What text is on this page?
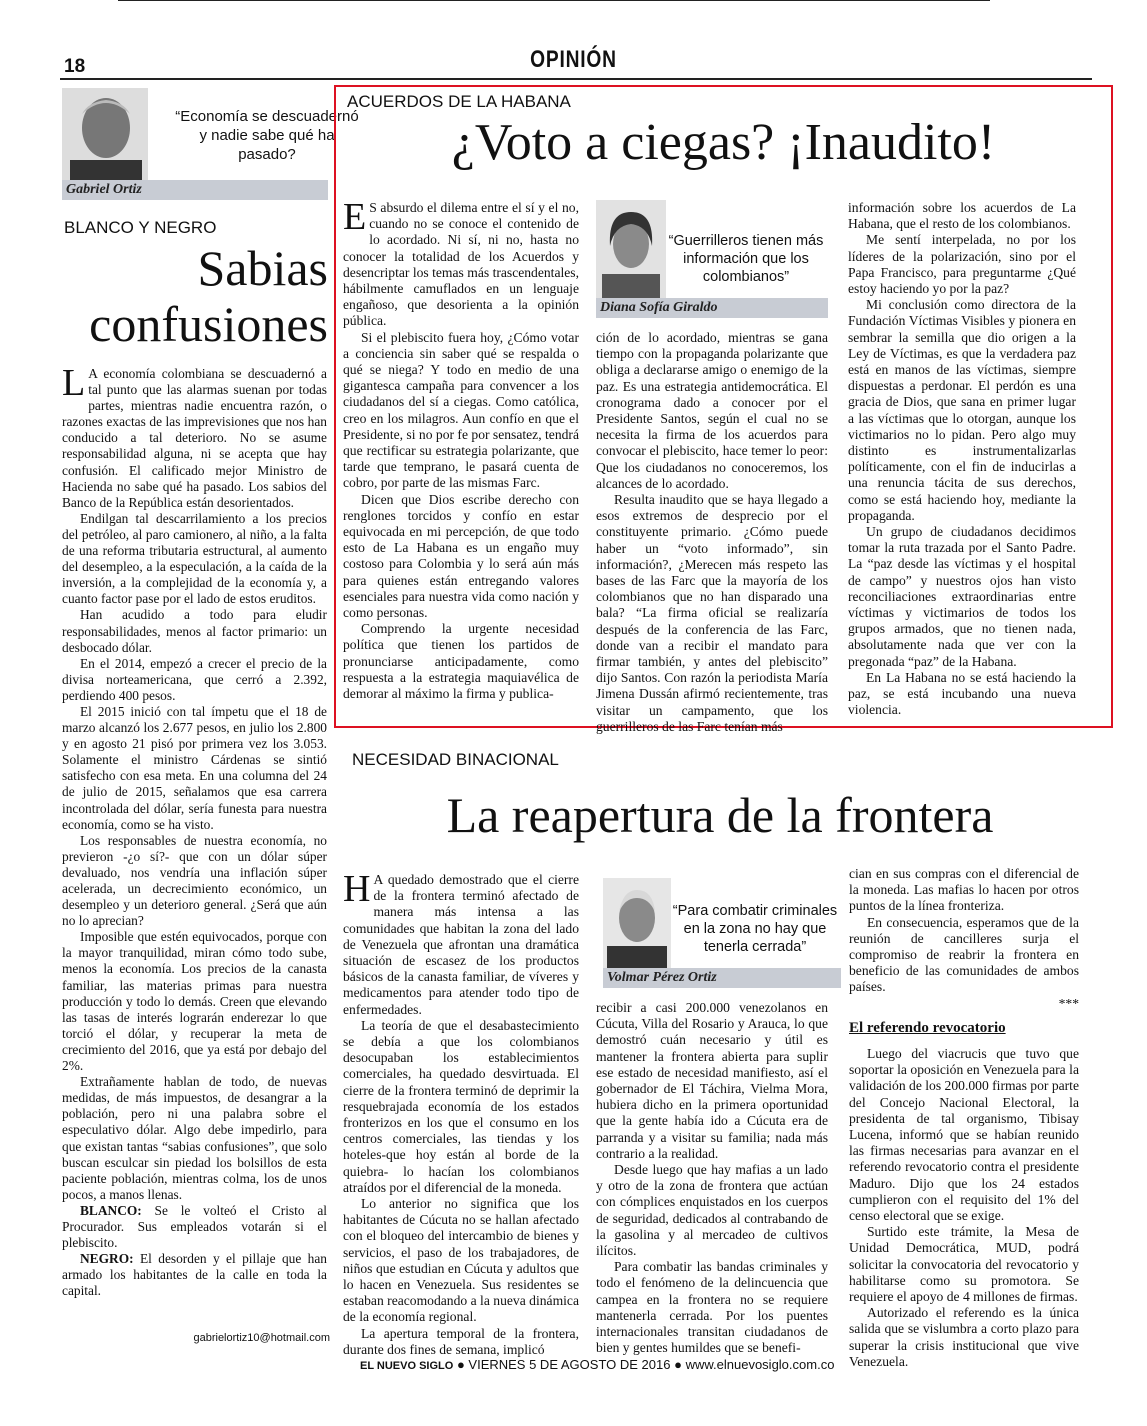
18	OPINIÓN
“Economía se descuadernó y nadie sabe qué ha pasado?
Gabriel Ortiz
BLANCO Y NEGRO
Sabias
confusiones

L A economía colombiana se descuadernó a tal punto que las alarmas suenan por todas partes, mientras nadie encuentra razón, o razones exactas de las imprevisiones que nos han conducido a tal deterioro. No se asume responsabilidad alguna, ni se acepta que hay confusión. El calificado mejor Ministro de Hacienda no sabe qué ha pasado. Los sabios del Banco de la República están desorientados.

Endilgan tal descarrilamiento a los precios del petróleo, al paro camionero, al niño, a la falta de una reforma tributaria estructural, al aumento del desempleo, a la especulación, a la caída de la inversión, a la complejidad de la economía y, a cuanto factor pase por el lado de estos eruditos.

Han acudido a todo para eludir responsabilidades, menos al factor primario: un desbocado dólar.

En el 2014, empezó a crecer el precio de la divisa norteamericana, que cerró a 2.392, perdiendo 400 pesos.

El 2015 inició con tal ímpetu que el 18 de marzo alcanzó los 2.677 pesos, en julio los 2.800 y en agosto 21 pisó por primera vez los 3.053. Solamente el ministro Cárdenas se sintió satisfecho con esa meta. En una columna del 24 de julio de 2015, señalamos que esa carrera incontrolada del dólar, sería funesta para nuestra economía, como se ha visto.

Los responsables de nuestra economía, no previeron -¿o sí?- que con un dólar súper devaluado, nos vendría una inflación súper acelerada, un decrecimiento económico, un desempleo y un deterioro general. ¿Será que aún no lo aprecian?

Imposible que estén equivocados, porque con la mayor tranquilidad, miran cómo todo sube, menos la economía. Los precios de la canasta familiar, las materias primas para nuestra producción y todo lo demás. Creen que elevando las tasas de interés lograrán enderezar lo que torció el dólar, y recuperar la meta de crecimiento del 2016, que ya está por debajo del 2%.

Extrañamente hablan de todo, de nuevas medidas, de más impuestos, de desangrar a la población, pero ni una palabra sobre el especulativo dólar. Algo debe impedirlo, para que existan tantas “sabias confusiones”, que solo buscan esculcar sin piedad los bolsillos de esta paciente población, mientras colma, los de unos pocos, a manos llenas.

BLANCO: Se le volteó el Cristo al Procurador. Sus empleados votarán si el plebiscito.

NEGRO: El desorden y el pillaje que han armado los habitantes de la calle en toda la capital.

gabrielortiz10@hotmail.com
ACUERDOS DE LA HABANA
¿Voto a ciegas? ¡Inaudito!

E S absurdo el dilema entre el sí y el no, cuando no se conoce el contenido de lo acordado. Ni sí, ni no, hasta no conocer la totalidad de los Acuerdos y desencriptar los temas más trascendentales, hábilmente camuflados en un lenguaje engañoso, que desorienta a la opinión pública.

Si el plebiscito fuera hoy, ¿Cómo votar a conciencia sin saber qué se respalda o qué se niega? Y todo en medio de una gigantesca campaña para convencer a los ciudadanos del sí a ciegas. Como católica, creo en los milagros. Aun confío en que el Presidente, si no por fe por sensatez, tendrá que rectificar su estrategia polarizante, que tarde que temprano, le pasará cuenta de cobro, por parte de las mismas Farc.

Dicen que Dios escribe derecho con renglones torcidos y confío en estar equivocada en mi percepción, de que todo esto de La Habana es un engaño muy costoso para Colombia y lo será aún más para quienes están entregando valores esenciales para nuestra vida como nación y como personas.

Comprendo la urgente necesidad política que tienen los partidos de pronunciarse anticipadamente, como respuesta a la estrategia maquiavélica de demorar al máximo la firma y publica-

“Guerrilleros tienen más información que los colombianos”
Diana Sofía Giraldo

ción de lo acordado, mientras se gana tiempo con la propaganda polarizante que obliga a declararse amigo o enemigo de la paz. Es una estrategia antidemocrática. El cronograma dado a conocer por el Presidente Santos, según el cual no se necesita la firma de los acuerdos para convocar el plebiscito, hace temer lo peor: Que los ciudadanos no conoceremos, los alcances de lo acordado.

Resulta inaudito que se haya llegado a esos extremos de desprecio por el constituyente primario. ¿Cómo puede haber un “voto informado”, sin información?, ¿Merecen más respeto las bases de las Farc que la mayoría de los colombianos que no han disparado una bala? “La firma oficial se realizaría después de la conferencia de las Farc, donde van a recibir el mandato para firmar también, y antes del plebiscito” dijo Santos. Con razón la periodista María Jimena Dussán afirmó recientemente, tras visitar un campamento, que los guerrilleros de las Farc tenían más

información sobre los acuerdos de La Habana, que el resto de los colombianos.

Me sentí interpelada, no por los líderes de la polarización, sino por el Papa Francisco, para preguntarme ¿Qué estoy haciendo yo por la paz?

Mi conclusión como directora de la Fundación Víctimas Visibles y pionera en sembrar la semilla que dio origen a la Ley de Víctimas, es que la verdadera paz está en manos de las víctimas, siempre dispuestas a perdonar. El perdón es una gracia de Dios, que sana en primer lugar a las víctimas que lo otorgan, aunque los victimarios no lo pidan. Pero algo muy distinto es instrumentalizarlas políticamente, con el fin de inducirlas a una renuncia tácita de sus derechos, como se está haciendo hoy, mediante la propaganda.

Un grupo de ciudadanos decidimos tomar la ruta trazada por el Santo Padre. La “paz desde las víctimas y el hospital de campo” y nuestros ojos han visto reconciliaciones extraordinarias entre víctimas y victimarios de todos los grupos armados, que no tienen nada, absolutamente nada que ver con la pregonada “paz” de la Habana.

En La Habana no se está haciendo la paz, se está incubando una nueva violencia.

NECESIDAD BINACIONAL
La reapertura de la frontera

H A quedado demostrado que el cierre de la frontera terminó afectado de manera más intensa a las comunidades que habitan la zona del lado de Venezuela que afrontan una dramática situación de escasez de los productos básicos de la canasta familiar, de víveres y medicamentos para atender todo tipo de enfermedades.

La teoría de que el desabastecimiento se debía a que los colombianos desocupaban los establecimientos comerciales, ha quedado desvirtuada. El cierre de la frontera terminó de deprimir la resquebrajada economía de los estados fronterizos en los que el consumo en los centros comerciales, las tiendas y los hoteles-que hoy están al borde de la quiebra- lo hacían los colombianos atraídos por el diferencial de la moneda.

Lo anterior no significa que los habitantes de Cúcuta no se hallan afectado con el bloqueo del intercambio de bienes y servicios, el paso de los trabajadores, de niños que estudian en Cúcuta y adultos que lo hacen en Venezuela. Sus residentes se estaban reacomodando a la nueva dinámica de la economía regional.

La apertura temporal de la frontera, durante dos fines de semana, implicó

“Para combatir criminales en la zona no hay que tenerla cerrada”
Volmar Pérez Ortiz

recibir a casi 200.000 venezolanos en Cúcuta, Villa del Rosario y Arauca, lo que demostró cuán necesario y útil es mantener la frontera abierta para suplir ese estado de necesidad manifiesto, así el gobernador de El Táchira, Vielma Mora, hubiera dicho en la primera oportunidad que la gente había ido a Cúcuta era de parranda y a visitar su familia; nada más contrario a la realidad.

Desde luego que hay mafias a un lado y otro de la zona de frontera que actúan con cómplices enquistados en los cuerpos de seguridad, dedicados al contrabando de la gasolina y al mercadeo de cultivos ilícitos.

Para combatir las bandas criminales y todo el fenómeno de la delincuencia que campea en la frontera no se requiere mantenerla cerrada. Por los puentes internacionales transitan ciudadanos de bien y gentes humildes que se benefi-

cian en sus compras con el diferencial de la moneda. Las mafias lo hacen por otros puntos de la línea fronteriza.

En consecuencia, esperamos que de la reunión de cancilleres surja el compromiso de reabrir la frontera en beneficio de las comunidades de ambos países.

***

El referendo revocatorio

Luego del viacrucis que tuvo que soportar la oposición en Venezuela para la validación de los 200.000 firmas por parte del Concejo Nacional Electoral, la presidenta de tal organismo, Tibisay Lucena, informó que se habían reunido las firmas necesarias para avanzar en el referendo revocatorio contra el presidente Maduro. Dijo que los 24 estados cumplieron con el requisito del 1% del censo electoral que se exige.

Surtido este trámite, la Mesa de Unidad Democrática, MUD, podrá solicitar la convocatoria del revocatorio y habilitarse como su promotora. Se requiere el apoyo de 4 millones de firmas.

Autorizado el referendo es la única salida que se vislumbra a corto plazo para superar la crisis institucional que vive Venezuela.

EL NUEVO SIGLO ● VIERNES 5 DE AGOSTO DE 2016 ● www.elnuevosiglo.com.co
